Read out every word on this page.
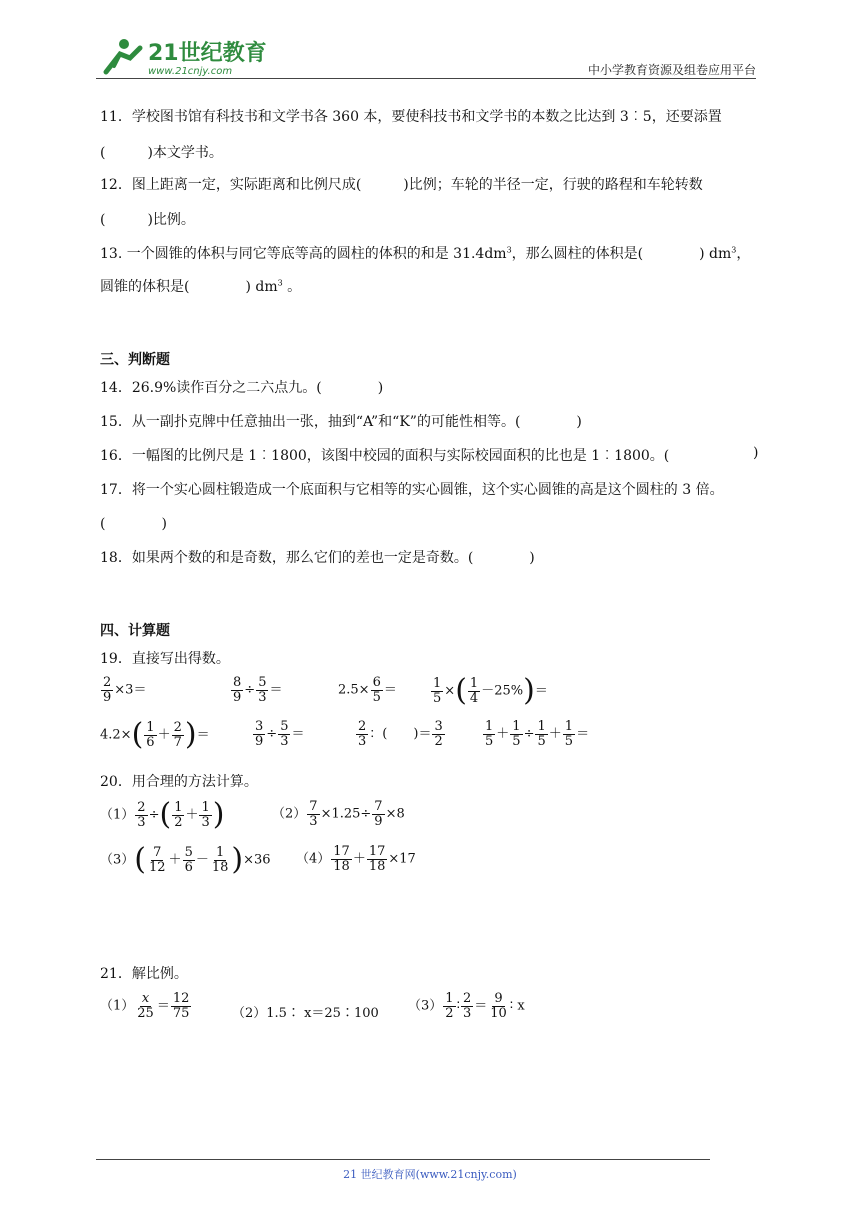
21世纪教育
www.21cnjy.com	中小学教育资源及组卷应用平台
11．学校图书馆有科技书和文学书各 360 本，要使科技书和文学书的本数之比达到 3︰5，还要添置
(　　　)本文学书。
12．图上距离一定，实际距离和比例尺成(　　　)比例；车轮的半径一定，行驶的路程和车轮转数
(　　　)比例。
13. 一个圆锥的体积与同它等底等高的圆柱的体积的和是 $31.4dm^3$，那么圆柱的体积是(　　　　) $dm^3$，
圆锥的体积是(　　　　) $dm^3$ 。
三、判断题
14．26.9%读作百分之二六点九。(　　　　)
15．从一副扑克牌中任意抽出一张，抽到“A”和“K”的可能性相等。(　　　　)
16．一幅图的比例尺是 1︰1800，该图中校园的面积与实际校园面积的比也是 1︰1800。(	)
17．将一个实心圆柱锻造成一个底面积与它相等的实心圆锥，这个实心圆锥的高是这个圆柱的 3 倍。
(　　　　)
18．如果两个数的和是奇数，那么它们的差也一定是奇数。(　　　　)
四、计算题
19．直接写出得数。
$\frac{2}{9} \times 3=$	$\frac{8}{9} \div \frac{5}{3}$ ＝	$2.5\times \frac{6}{5}$ ＝	$\frac{1}{5}$ ×( $\frac{1}{4} -25\%)=$
$4.2\times( \frac{1}{6} + \frac{2}{7}$ )＝	$\frac{3}{9} \div \frac{5}{3}$ ＝	$\frac{2}{3}$ ：(　　)＝ $\frac{3}{2}$	$\frac{1}{5} + \frac{1}{5} \div \frac{1}{5} + \frac{1}{5}$ ＝
20．用合理的方法计算。
$(1) \frac{2}{3}$ ÷( $\frac{1}{2} + \frac{1}{3}$ )	$(2) \frac{7}{3} \times 1.25\div \frac{7}{9} \times 8$
$(3)( \frac{7}{12} + \frac{5}{6} - \frac{1}{18} )\times 36$ $(4) \frac{17}{18} + \frac{17}{18} \times 17$
21．解比例。
$(1) \frac{x}{25} = \frac{12}{75}$	（2）1.5∶ x＝25∶100 $(3) \frac{1}{2}$ ∶ $\frac{2}{3} = \frac{9}{10}$ ∶ x
21 世纪教育网(www.21cnjy.com)
